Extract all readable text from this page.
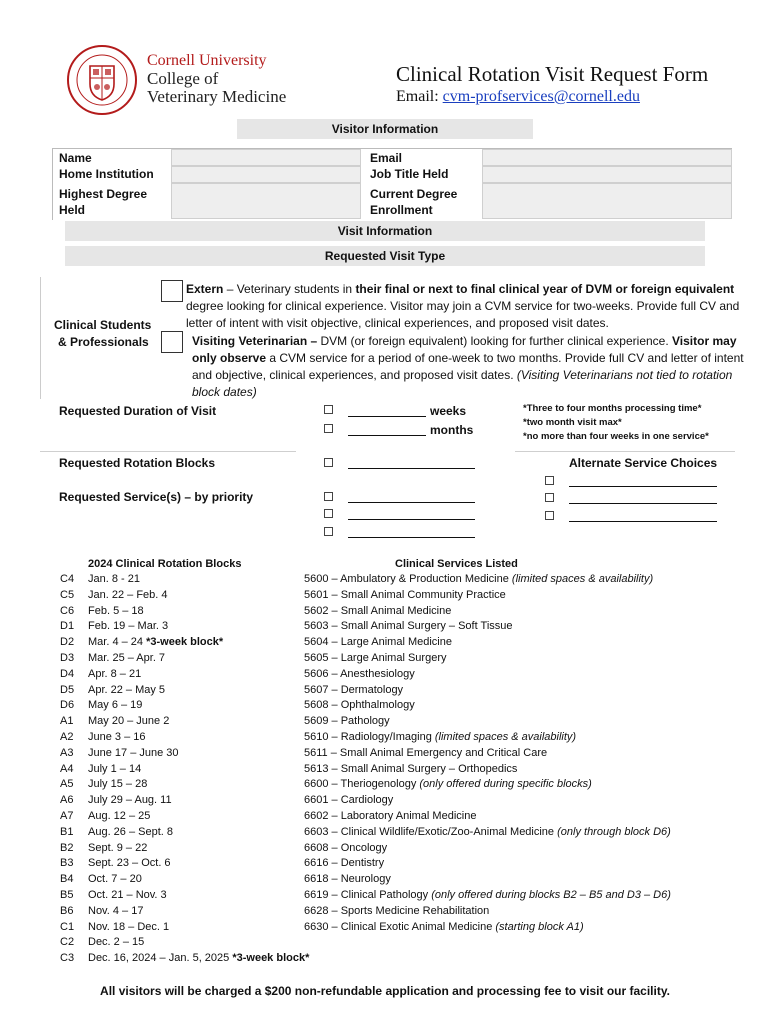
Cornell University
College of
Veterinary Medicine
Clinical Rotation Visit Request Form
Email: cvm-profservices@cornell.edu
Visitor Information
Name
Home Institution
Highest Degree
Held
Email
Job Title Held
Current Degree
Enrollment
Visit Information
Requested Visit Type
Clinical Students
& Professionals
Extern – Veterinary students in their final or next to final clinical year of DVM or foreign equivalent degree looking for clinical experience. Visitor may join a CVM service for two-weeks. Provide full CV and letter of intent with visit objective, clinical experiences, and proposed visit dates.
Visiting Veterinarian – DVM (or foreign equivalent) looking for further clinical experience. Visitor may only observe a CVM service for a period of one-week to two months. Provide full CV and letter of intent and objective, clinical experiences, and proposed visit dates. (Visiting Veterinarians not tied to rotation block dates)
Requested Duration of Visit	weeks
months
*Three to four months processing time*
*two month visit max*
*no more than four weeks in one service*
Requested Rotation Blocks	Alternate Service Choices
Requested Service(s) – by priority
2024 Clinical Rotation Blocks
C4 Jan. 8 - 21
C5 Jan. 22 – Feb. 4
C6 Feb. 5 – 18
D1 Feb. 19 – Mar. 3
D2 Mar. 4 – 24 *3-week block*
D3 Mar. 25 – Apr. 7
D4 Apr. 8 – 21
D5 Apr. 22 – May 5
D6 May 6 – 19
A1 May 20 – June 2
A2 June 3 – 16
A3 June 17 – June 30
A4 July 1 – 14
A5 July 15 – 28
A6 July 29 – Aug. 11
A7 Aug. 12 – 25
B1 Aug. 26 – Sept. 8
B2 Sept. 9 – 22
B3 Sept. 23 – Oct. 6
B4 Oct. 7 – 20
B5 Oct. 21 – Nov. 3
B6 Nov. 4 – 17
C1 Nov. 18 – Dec. 1
C2 Dec. 2 – 15
C3 Dec. 16, 2024 – Jan. 5, 2025 *3-week block*
Clinical Services Listed
5600 – Ambulatory & Production Medicine (limited spaces & availability)
5601 – Small Animal Community Practice
5602 – Small Animal Medicine
5603 – Small Animal Surgery – Soft Tissue
5604 – Large Animal Medicine
5605 – Large Animal Surgery
5606 – Anesthesiology
5607 – Dermatology
5608 – Ophthalmology
5609 – Pathology
5610 – Radiology/Imaging (limited spaces & availability)
5611 – Small Animal Emergency and Critical Care
5613 – Small Animal Surgery – Orthopedics
6600 – Theriogenology (only offered during specific blocks)
6601 – Cardiology
6602 – Laboratory Animal Medicine
6603 – Clinical Wildlife/Exotic/Zoo-Animal Medicine (only through block D6)
6608 – Oncology
6616 – Dentistry
6618 – Neurology
6619 – Clinical Pathology (only offered during blocks B2 – B5 and D3 – D6)
6628 – Sports Medicine Rehabilitation
6630 – Clinical Exotic Animal Medicine (starting block A1)
All visitors will be charged a $200 non-refundable application and processing fee to visit our facility.
